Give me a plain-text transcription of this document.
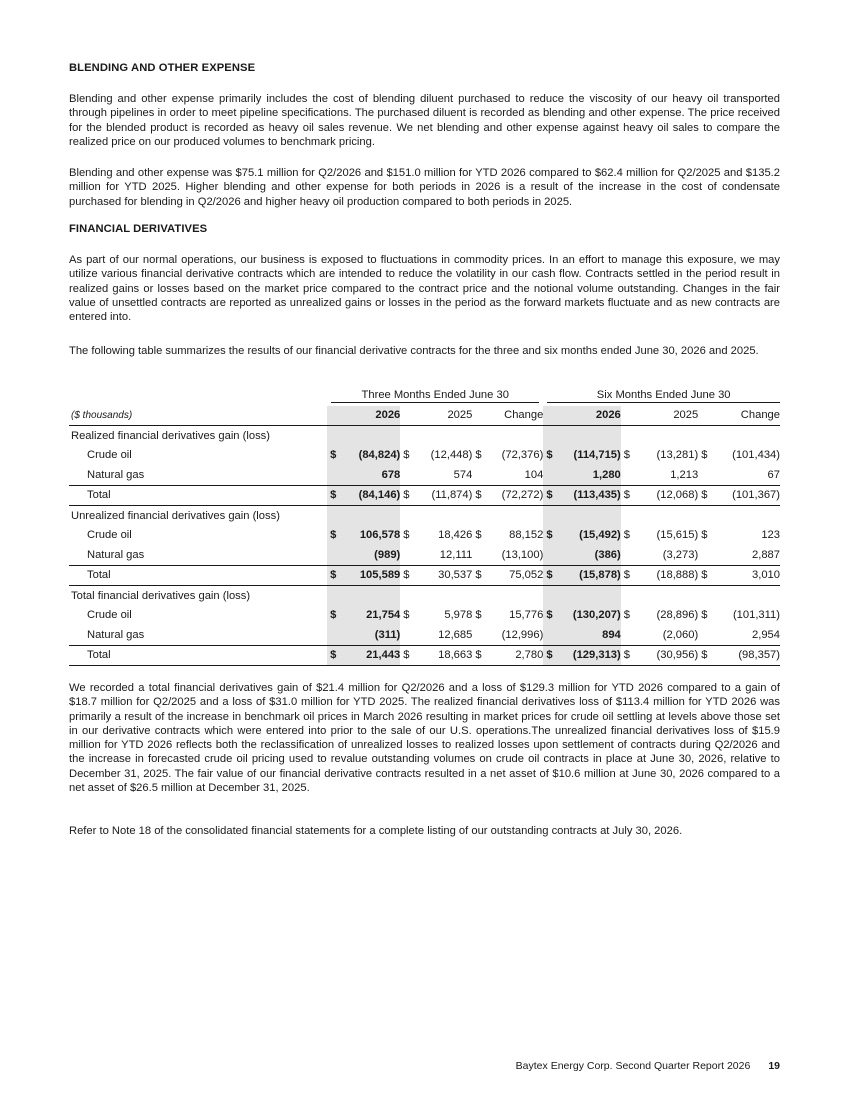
BLENDING AND OTHER EXPENSE

Blending and other expense primarily includes the cost of blending diluent purchased to reduce the viscosity of our heavy oil transported through pipelines in order to meet pipeline specifications. The purchased diluent is recorded as blending and other expense. The price received for the blended product is recorded as heavy oil sales revenue. We net blending and other expense against heavy oil sales to compare the realized price on our produced volumes to benchmark pricing.

Blending and other expense was $75.1 million for Q2/2026 and $151.0 million for YTD 2026 compared to $62.4 million for Q2/2025 and $135.2 million for YTD 2025. Higher blending and other expense for both periods in 2026 is a result of the increase in the cost of condensate purchased for blending in Q2/2026 and higher heavy oil production compared to both periods in 2025.

FINANCIAL DERIVATIVES

As part of our normal operations, our business is exposed to fluctuations in commodity prices. In an effort to manage this exposure, we may utilize various financial derivative contracts which are intended to reduce the volatility in our cash flow. Contracts settled in the period result in realized gains or losses based on the market price compared to the contract price and the notional volume outstanding. Changes in the fair value of unsettled contracts are reported as unrealized gains or losses in the period as the forward markets fluctuate and as new contracts are entered into.

The following table summarizes the results of our financial derivative contracts for the three and six months ended June 30, 2026 and 2025.

	Three Months Ended June 30						Six Months Ended June 30					

($ thousands)		2026		2025		Change		2026		2025		Change
Realized financial derivatives gain (loss)												
Crude oil	$	(84,824)	$	(12,448)	$	(72,376)	$	(114,715)	$	(13,281)	$	(101,434)
Natural gas		678		574		104		1,280		1,213		67
Total	$	(84,146)	$	(11,874)	$	(72,272)	$	(113,435)	$	(12,068)	$	(101,367)
Unrealized financial derivatives gain (loss)												
Crude oil	$	106,578	$	18,426	$	88,152	$	(15,492)	$	(15,615)	$	123
Natural gas		(989)		12,111		(13,100)		(386)		(3,273)		2,887
Total	$	105,589	$	30,537	$	75,052	$	(15,878)	$	(18,888)	$	3,010
Total financial derivatives gain (loss)												
Crude oil	$	21,754	$	5,978	$	15,776	$	(130,207)	$	(28,896)	$	(101,311)
Natural gas		(311)		12,685		(12,996)		894		(2,060)		2,954
Total	$	21,443	$	18,663	$	2,780	$	(129,313)	$	(30,956)	$	(98,357)

We recorded a total financial derivatives gain of $21.4 million for Q2/2026 and a loss of $129.3 million for YTD 2026 compared to a gain of $18.7 million for Q2/2025 and a loss of $31.0 million for YTD 2025. The realized financial derivatives loss of $113.4 million for YTD 2026 was primarily a result of the increase in benchmark oil prices in March 2026 resulting in market prices for crude oil settling at levels above those set in our derivative contracts which were entered into prior to the sale of our U.S. operations.The unrealized financial derivatives loss of $15.9 million for YTD 2026 reflects both the reclassification of unrealized losses to realized losses upon settlement of contracts during Q2/2026 and the increase in forecasted crude oil pricing used to revalue outstanding volumes on crude oil contracts in place at June 30, 2026, relative to December 31, 2025. The fair value of our financial derivative contracts resulted in a net asset of $10.6 million at June 30, 2026 compared to a net asset of $26.5 million at December 31, 2025.

Refer to Note 18 of the consolidated financial statements for a complete listing of our outstanding contracts at July 30, 2026.

Baytex Energy Corp. Second Quarter Report 2026 19
